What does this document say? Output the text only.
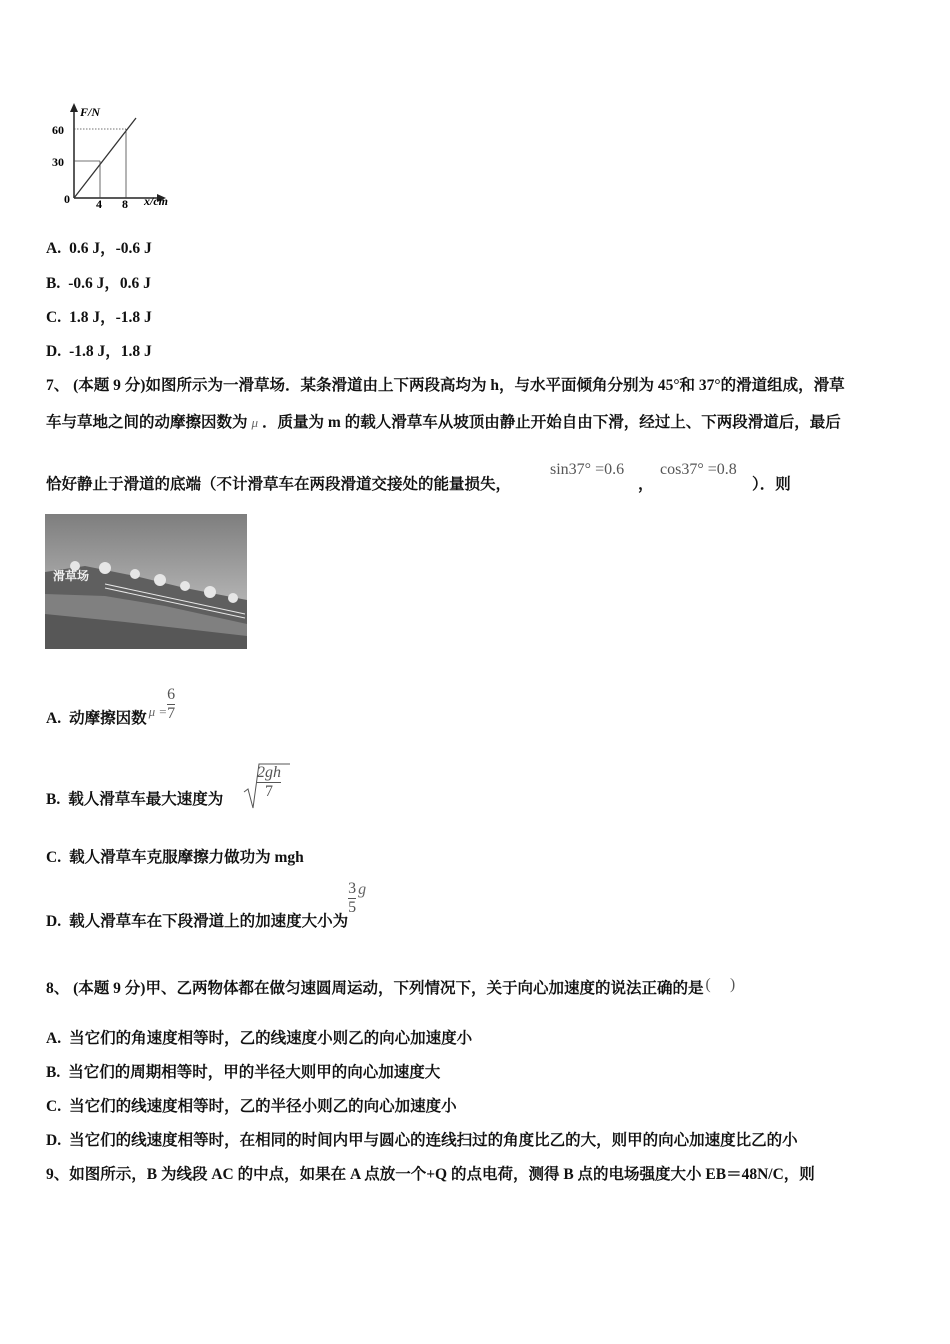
F/N
60
30
0 4 8 x/cm
A. 0.6 J，-0.6 J
B. -0.6 J，0.6 J
C. 1.8 J，-1.8 J
D. -1.8 J，1.8 J
7、 (本题 9 分)如图所示为一滑草场．某条滑道由上下两段高均为 h，与水平面倾角分别为 45°和 37°的滑道组成，滑草
车与草地之间的动摩擦因数为 μ ．质量为 m 的载人滑草车从坡顶由静止开始自由下滑，经过上、下两段滑道后，最后
恰好静止于滑道的底端（不计滑草车在两段滑道交接处的能量损失，
sin37° =0.6
，
cos37° =0.8
）．则
滑草场
A. 动摩擦因数 $_{\mu =} \frac{6}{7}$
B. 载人滑草车最大速度为 $\frac{2gh}{7}$
C. 载人滑草车克服摩擦力做功为 mgh
D. 载人滑草车在下段滑道上的加速度大小为
$\frac{3}{5}$ g
8、 (本题 9 分)甲、乙两物体都在做匀速圆周运动，下列情况下，关于向心加速度的说法正确的是 (     )
A. 当它们的角速度相等时，乙的线速度小则乙的向心加速度小
B. 当它们的周期相等时，甲的半径大则甲的向心加速度大
C. 当它们的线速度相等时，乙的半径小则乙的向心加速度小
D. 当它们的线速度相等时，在相同的时间内甲与圆心的连线扫过的角度比乙的大，则甲的向心加速度比乙的小
9、如图所示，B 为线段 AC 的中点，如果在 A 点放一个+Q 的点电荷，测得 B 点的电场强度大小 EB＝48N/C，则
